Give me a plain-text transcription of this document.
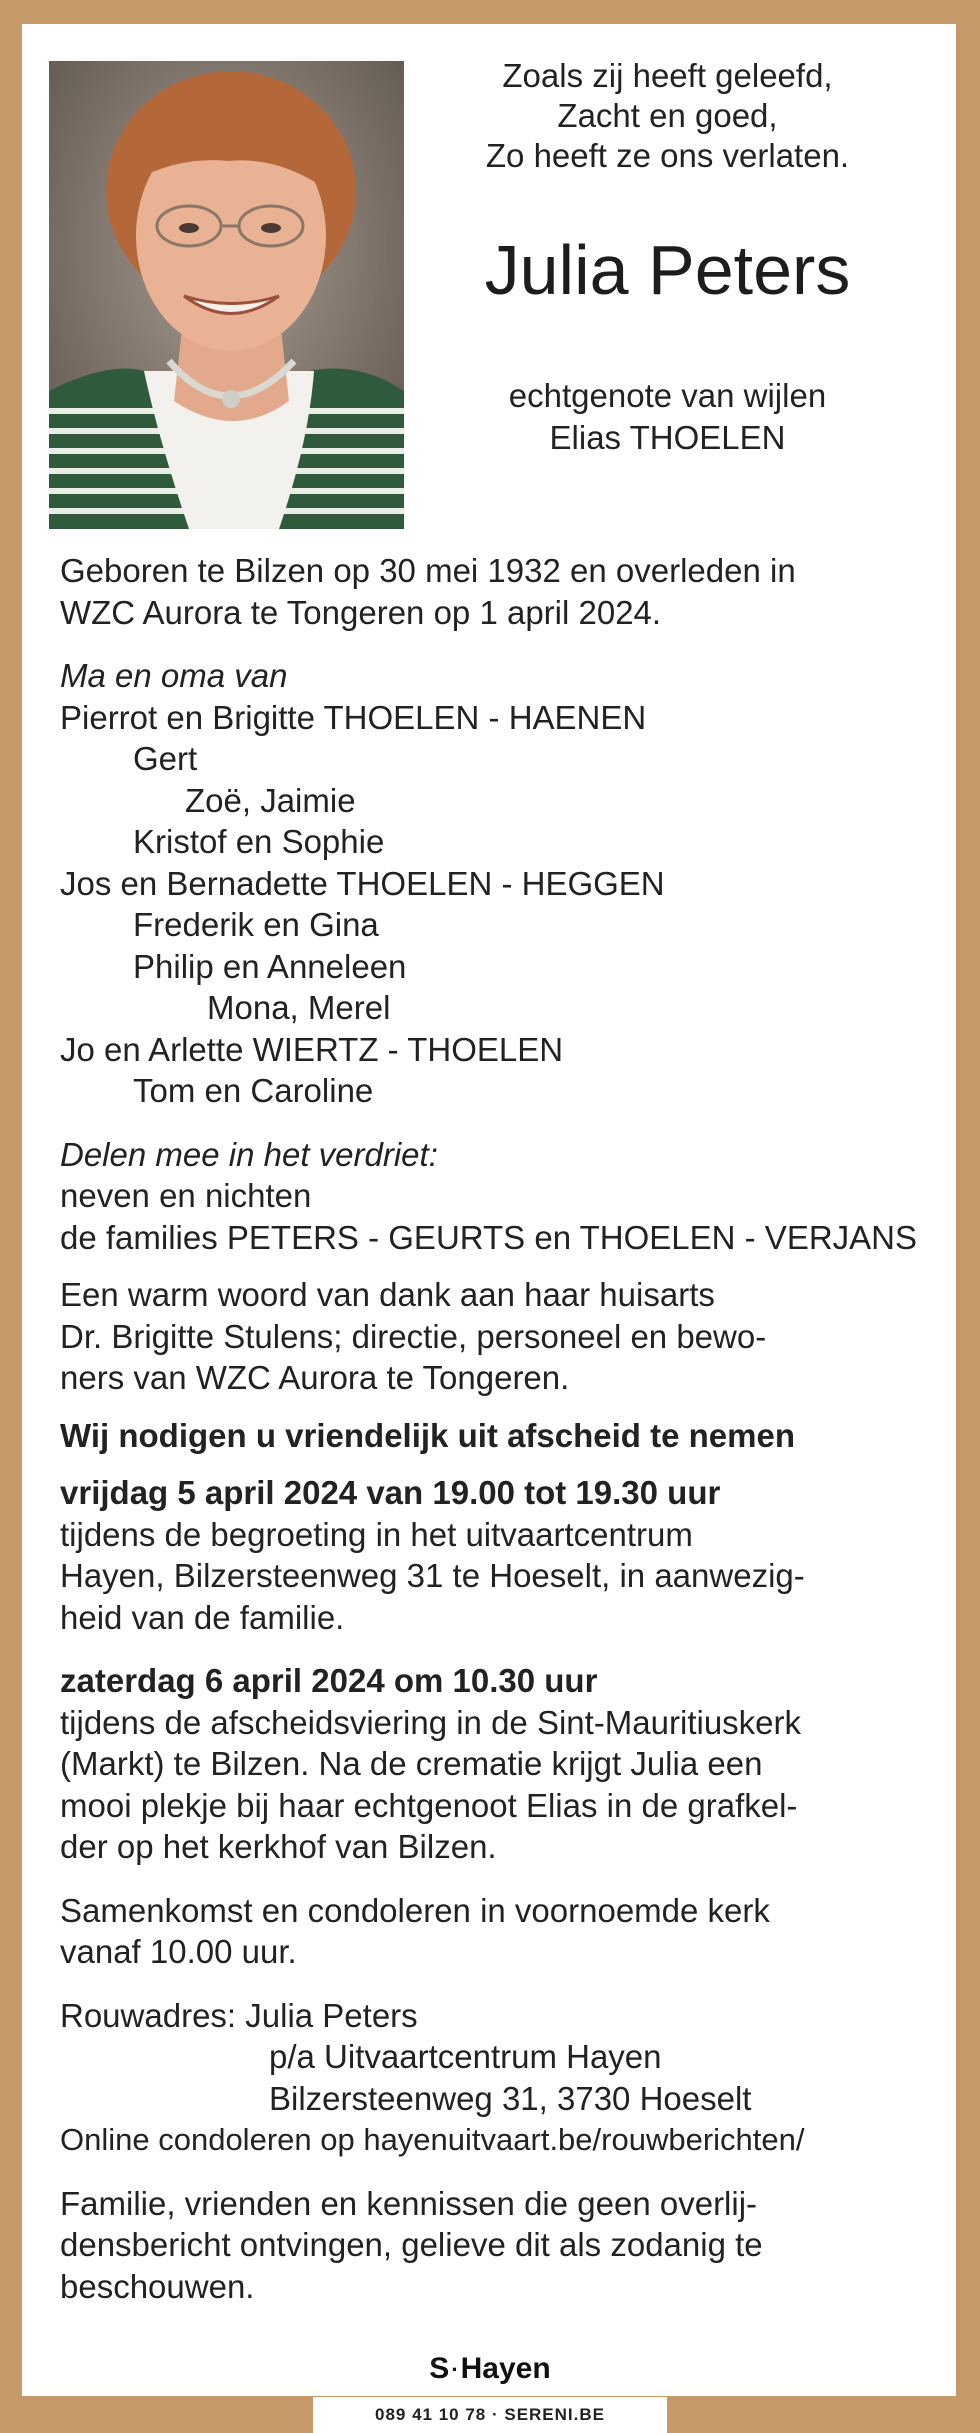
Zoals zij heeft geleefd,
Zacht en goed,
Zo heeft ze ons verlaten.
Julia Peters
echtgenote van wijlen
Elias THOELEN
Geboren te Bilzen op 30 mei 1932 en overleden in
WZC Aurora te Tongeren op 1 april 2024.
Ma en oma van
Pierrot en Brigitte THOELEN - HAENEN
Gert
Zoë, Jaimie
Kristof en Sophie
Jos en Bernadette THOELEN - HEGGEN
Frederik en Gina
Philip en Anneleen
Mona, Merel
Jo en Arlette WIERTZ - THOELEN
Tom en Caroline
Delen mee in het verdriet:
neven en nichten
de families PETERS - GEURTS en THOELEN - VERJANS
Een warm woord van dank aan haar huisarts
Dr. Brigitte Stulens; directie, personeel en bewo-
ners van WZC Aurora te Tongeren.
Wij nodigen u vriendelijk uit afscheid te nemen
vrijdag 5 april 2024 van 19.00 tot 19.30 uur
tijdens de begroeting in het uitvaartcentrum
Hayen, Bilzersteenweg 31 te Hoeselt, in aanwezig-
heid van de familie.
zaterdag 6 april 2024 om 10.30 uur
tijdens de afscheidsviering in de Sint-Mauritiuskerk
(Markt) te Bilzen. Na de crematie krijgt Julia een
mooi plekje bij haar echtgenoot Elias in de grafkel-
der op het kerkhof van Bilzen.
Samenkomst en condoleren in voornoemde kerk
vanaf 10.00 uur.
Rouwadres: Julia Peters
p/a Uitvaartcentrum Hayen
Bilzersteenweg 31, 3730 Hoeselt
Online condoleren op hayenuitvaart.be/rouwberichten/
Familie, vrienden en kennissen die geen overlij-
densbericht ontvingen, gelieve dit als zodanig te
beschouwen.
S·Hayen
089 41 10 78 · SERENI.BE
